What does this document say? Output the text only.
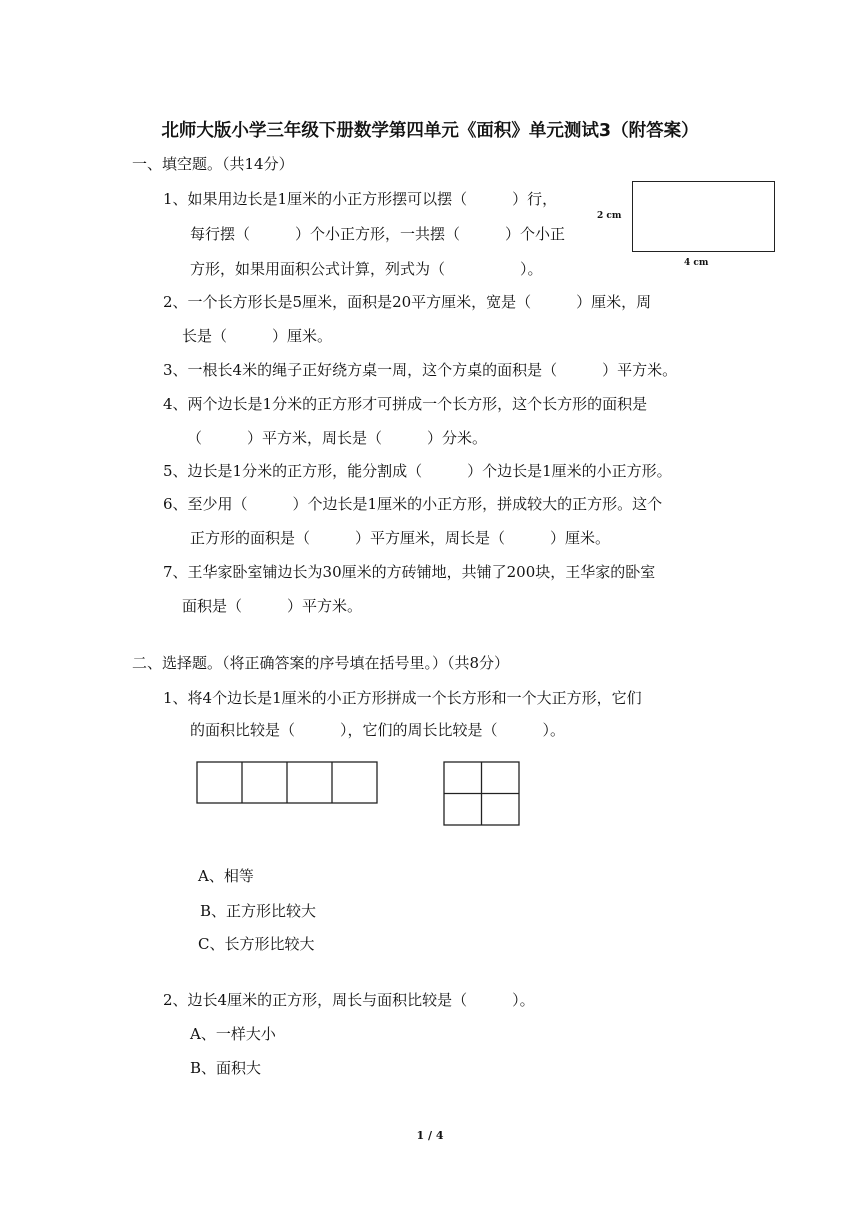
北师大版小学三年级下册数学第四单元《面积》单元测试3（附答案）
一、填空题。（共14分）
1、如果用边长是1厘米的小正方形摆可以摆（　　　）行，
每行摆（　　　）个小正方形，一共摆（　　　）个小正
方形，如果用面积公式计算，列式为（　　　　　）。
2 cm
4 cm
2、一个长方形长是5厘米，面积是20平方厘米，宽是（　　　）厘米，周
长是（　　　）厘米。
3、一根长4米的绳子正好绕方桌一周，这个方桌的面积是（　　　）平方米。
4、两个边长是1分米的正方形才可拼成一个长方形，这个长方形的面积是
（　　　）平方米，周长是（　　　）分米。
5、边长是1分米的正方形，能分割成（　　　）个边长是1厘米的小正方形。
6、至少用（　　　）个边长是1厘米的小正方形，拼成较大的正方形。这个
正方形的面积是（　　　）平方厘米，周长是（　　　）厘米。
7、王华家卧室铺边长为30厘米的方砖铺地，共铺了200块，王华家的卧室
面积是（　　　）平方米。
二、选择题。（将正确答案的序号填在括号里。）（共8分）
1、将4个边长是1厘米的小正方形拼成一个长方形和一个大正方形，它们
的面积比较是（　　　），它们的周长比较是（　　　）。
A、相等
B、正方形比较大
C、长方形比较大
2、边长4厘米的正方形，周长与面积比较是（　　　）。
A、一样大小
B、面积大
1 / 4
